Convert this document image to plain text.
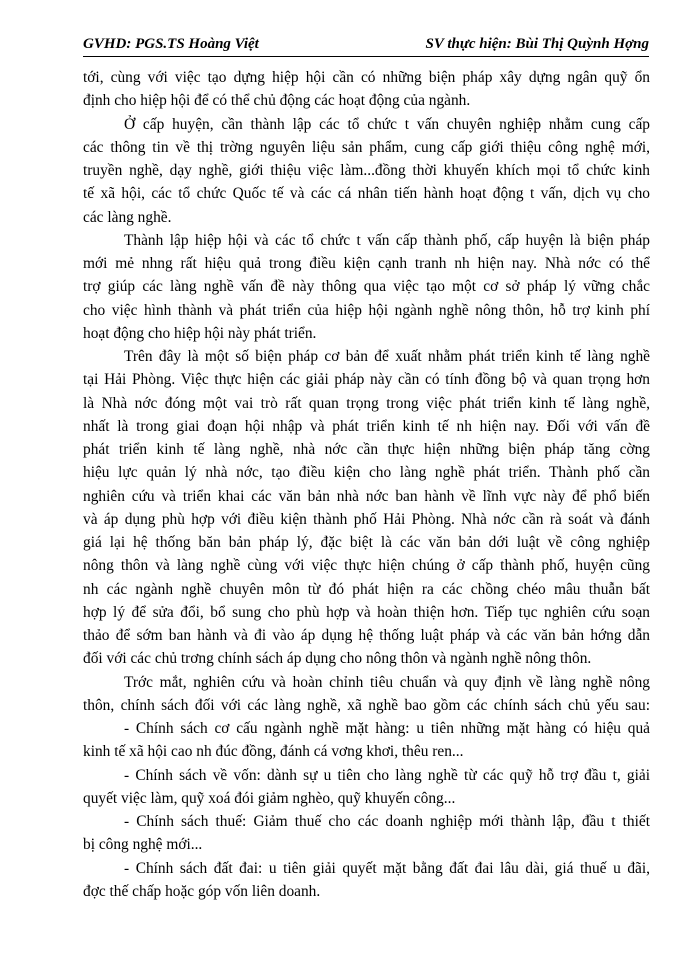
GVHD: PGS.TS Hoàng Việt	SV thực hiện: Bùi Thị Quỳnh Hợng
tới, cùng với việc tạo dựng hiệp hội cần có những biện pháp xây dựng ngân quỹ ổn
định cho hiệp hội để có thể chủ động các hoạt động của ngành.
Ở cấp huyện, cần thành lập các tổ chức t vấn chuyên nghiệp nhằm cung cấp
các thông tin về thị trờng nguyên liệu sản phẩm, cung cấp giới thiệu công nghệ mới,
truyền nghề, dạy nghề, giới thiệu việc làm...đồng thời khuyến khích mọi tổ chức kinh
tế xã hội, các tổ chức Quốc tế và các cá nhân tiến hành hoạt động t vấn, dịch vụ cho
các làng nghề.
Thành lập hiệp hội và các tổ chức t vấn cấp thành phố, cấp huyện là biện pháp
mới mẻ nhng rất hiệu quả trong điều kiện cạnh tranh nh hiện nay. Nhà nớc có thể
trợ giúp các làng nghề vấn đề này thông qua việc tạo một cơ sở pháp lý vững chắc
cho việc hình thành và phát triển của hiệp hội ngành nghề nông thôn, hỗ trợ kinh phí
hoạt động cho hiệp hội này phát triển.
Trên đây là một số biện pháp cơ bản để xuất nhằm phát triển kinh tế làng nghề
tại Hải Phòng. Việc thực hiện các giải pháp này cần có tính đồng bộ và quan trọng hơn
là Nhà nớc đóng một vai trò rất quan trọng trong việc phát triển kinh tế làng nghề,
nhất là trong giai đoạn hội nhập và phát triển kinh tế nh hiện nay. Đối với vấn đề
phát triển kinh tế làng nghề, nhà nớc cần thực hiện những biện pháp tăng cờng
hiệu lực quản lý nhà nớc, tạo điều kiện cho làng nghề phát triển. Thành phố cần
nghiên cứu và triển khai các văn bản nhà nớc ban hành về lĩnh vực này để phổ biến
và áp dụng phù hợp với điều kiện thành phố Hải Phòng. Nhà nớc cần rà soát và đánh
giá lại hệ thống băn bản pháp lý, đặc biệt là các văn bản dới luật về công nghiệp
nông thôn và làng nghề cùng với việc thực hiện chúng ở cấp thành phố, huyện cũng
nh các ngành nghề chuyên môn từ đó phát hiện ra các chồng chéo mâu thuẫn bất
hợp lý để sửa đổi, bổ sung cho phù hợp và hoàn thiện hơn. Tiếp tục nghiên cứu soạn
thảo để sớm ban hành và đi vào áp dụng hệ thống luật pháp và các văn bản hớng dẫn
đối với các chủ trơng chính sách áp dụng cho nông thôn và ngành nghề nông thôn.
Trớc mắt, nghiên cứu và hoàn chỉnh tiêu chuẩn và quy định về làng nghề nông
thôn, chính sách đối với các làng nghề, xã nghề bao gồm các chính sách chủ yếu sau:
- Chính sách cơ cấu ngành nghề mặt hàng: u tiên những mặt hàng có hiệu quả
kinh tế xã hội cao nh đúc đồng, đánh cá vơng khơi, thêu ren...
- Chính sách về vốn: dành sự u tiên cho làng nghề từ các quỹ hỗ trợ đầu t, giải
quyết việc làm, quỹ xoá đói giảm nghèo, quỹ khuyến công...
- Chính sách thuế: Giảm thuế cho các doanh nghiệp mới thành lập, đầu t thiết
bị công nghệ mới...
- Chính sách đất đai: u tiên giải quyết mặt bằng đất đai lâu dài, giá thuế u đãi,
đợc thế chấp hoặc góp vốn liên doanh.
